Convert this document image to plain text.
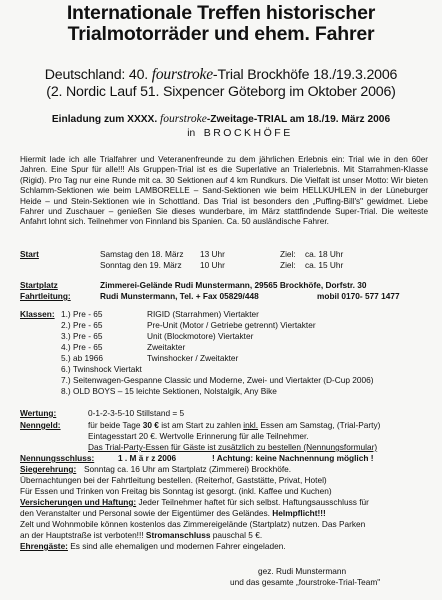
Internationale Treffen historischer
Trialmotorräder und ehem. Fahrer
Deutschland: 40. fourstroke-Trial Brockhöfe 18./19.3.2006
(2. Nordic Lauf 51. Sixpencer Göteborg im Oktober 2006)
Einladung zum XXXX. fourstroke-Zweitage-TRIAL am 18./19. März 2006
in BROCKHÖFE

Hiermit lade ich alle Trialfahrer und Veteranenfreunde zu dem jährlichen Erlebnis ein: Trial wie in den 60er Jahren. Eine Spur für alle!!! Als Gruppen-Trial ist es die Superlative an Trialerlebnis. Mit Starrahmen-Klasse (Rigid). Pro Tag nur eine Runde mit ca. 30 Sektionen auf 4 km Rundkurs. Die Vielfalt ist unser Motto: Wir bieten Schlamm-Sektionen wie beim LAMBORELLE – Sand-Sektionen wie beim HELLKUHLEN in der Lüneburger Heide – und Stein-Sektionen wie in Schottland. Das Trial ist besonders den „Puffing-Bill's" gewidmet. Liebe Fahrer und Zuschauer – genießen Sie dieses wunderbare, im März stattfindende Super-Trial. Die weiteste Anfahrt lohnt sich. Teilnehmer von Finnland bis Spanien. Ca. 50 ausländische Fahrer.

Start	Samstag den 18. März 13 Uhr	Ziel: ca. 18 Uhr
Sonntag den 19. März 10 Uhr	Ziel: ca. 15 Uhr
Startplatz	Zimmerei-Gelände Rudi Munstermann, 29565 Brockhöfe, Dorfstr. 30
Fahrtleitung:	Rudi Munstermann, Tel. + Fax 05829/448	mobil 0170- 577 1477
Klassen: 1.) Pre - 65	RIGID (Starrahmen) Viertakter
2.) Pre - 65	Pre-Unit (Motor / Getriebe getrennt) Viertakter
3.) Pre - 65	Unit (Blockmotore) Viertakter
4.) Pre - 65	Zweitakter
5.) ab 1966	Twinshocker / Zweitakter
6.) Twinshock Viertakt
7.) Seitenwagen-Gespanne Classic und Moderne, Zwei- und Viertakter (D-Cup 2006)
8.) OLD BOYS – 15 leichte Sektionen, Nolstalgik, Any Bike
Wertung:	0-1-2-3-5-10 Stillstand = 5
Nenngeld:	für beide Tage 30 € ist am Start zu zahlen inkl. Essen am Samstag, (Trial-Party)
Eintagesstart 20 €. Wertvolle Erinnerung für alle Teilnehmer.
Das Trial-Party-Essen für Gäste ist zusätzlich zu bestellen (Nennungsformular)
Nennungsschluss:	1 . M ä r z 2006	! Achtung: keine Nachnennung möglich !
Siegerehrung: Sonntag ca. 16 Uhr am Startplatz (Zimmerei) Brockhöfe.
Übernachtungen bei der Fahrtleitung bestellen. (Reiterhof, Gaststätte, Privat, Hotel)
Für Essen und Trinken von Freitag bis Sonntag ist gesorgt. (inkl. Kaffee und Kuchen)
Versicherungen und Haftung: Jeder Teilnehmer haftet für sich selbst. Haftungsausschluss für
den Veranstalter und Personal sowie der Eigentümer des Geländes. Helmpflicht!!!
Zelt und Wohnmobile können kostenlos das Zimmereigelände (Startplatz) nutzen. Das Parken
an der Hauptstraße ist verboten!!! Stromanschluss pauschal 5 €.
Ehrengäste: Es sind alle ehemaligen und modernen Fahrer eingeladen.
gez. Rudi Munstermann
und das gesamte „fourstroke-Trial-Team"
